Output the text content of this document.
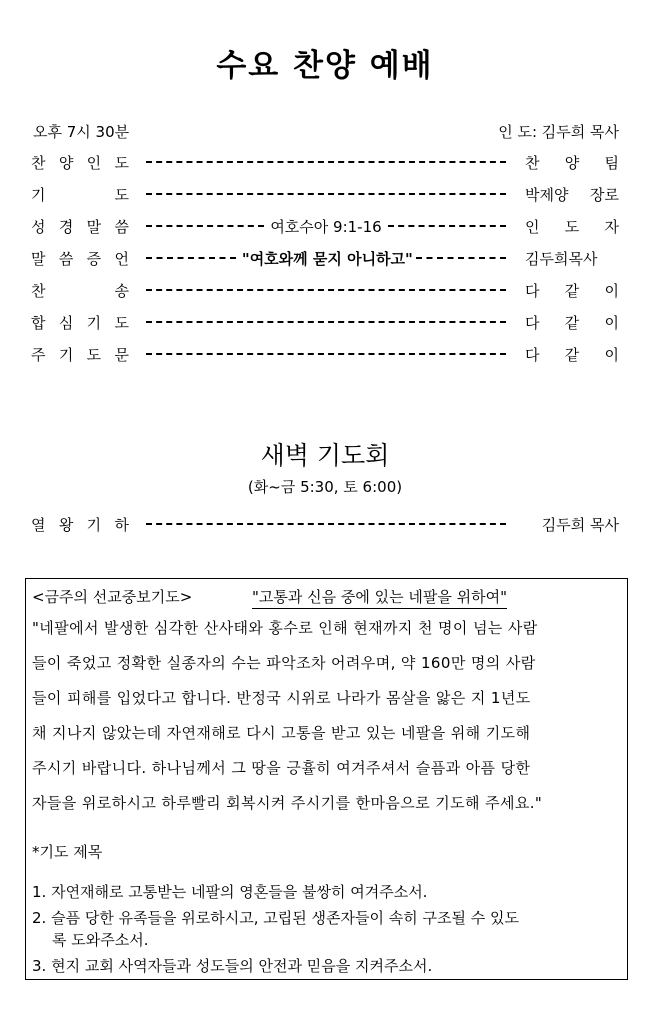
수요 찬양 예배
오후 7시 30분	인 도: 김두희 목사
찬 양 인 도	찬 양 팀
기	도	박제양 장로
성 경 말 씀	여호수아 9:1-16	인 도 자
말 씀 증 언	"여호와께 묻지 아니하고"	김두희목사
찬	송	다 같 이
합 심 기 도	다 같 이
주 기 도 문	다 같 이
새벽 기도회
(화~금 5:30, 토 6:00)
열 왕 기 하	김두희 목사
<금주의 선교중보기도>	"고통과 신음 중에 있는 네팔을 위하여"
"네팔에서 발생한 심각한 산사태와 홍수로 인해 현재까지 천 명이 넘는 사람
들이 죽었고 정확한 실종자의 수는 파악조차 어려우며, 약 160만 명의 사람
들이 피해를 입었다고 합니다. 반정국 시위로 나라가 몸살을 앓은 지 1년도
채 지나지 않았는데 자연재해로 다시 고통을 받고 있는 네팔을 위해 기도해
주시기 바랍니다. 하나님께서 그 땅을 긍휼히 여겨주셔서 슬픔과 아픔 당한
자들을 위로하시고 하루빨리 회복시켜 주시기를 한마음으로 기도해 주세요."
*기도 제목
1. 자연재해로 고통받는 네팔의 영혼들을 불쌍히 여겨주소서.
2. 슬픔 당한 유족들을 위로하시고, 고립된 생존자들이 속히 구조될 수 있도
록 도와주소서.
3. 현지 교회 사역자들과 성도들의 안전과 믿음을 지켜주소서.
